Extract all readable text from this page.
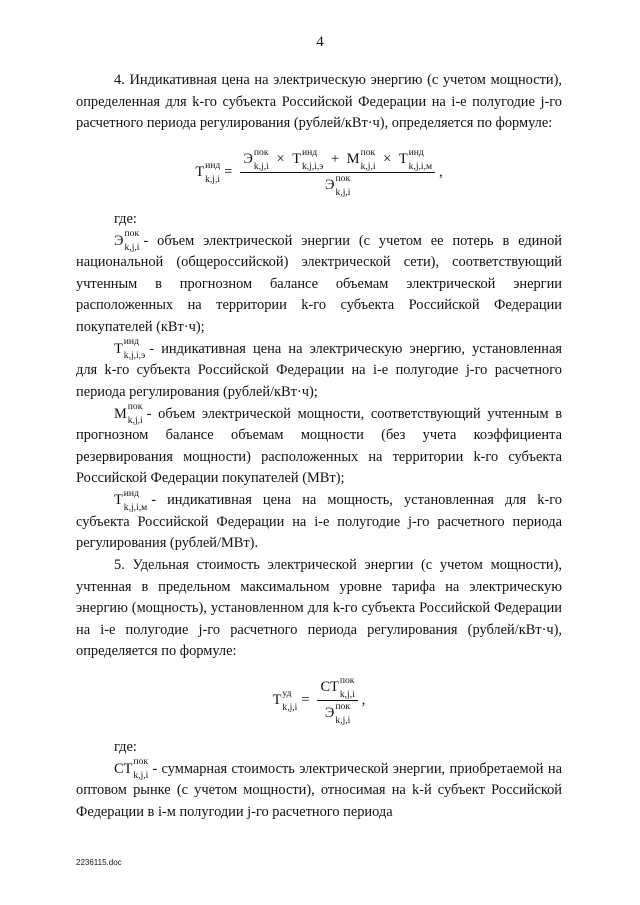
4

4. Индикативная цена на электрическую энергию (с учетом мощности), определенная для k-го субъекта Российской Федерации на i-е полугодие j-го расчетного периода регулирования (рублей/кВт·ч), определяется по формуле:

Т инд
k,j,i =
Э пок
k,j,i × Т инд
k,j,i,э + М пок
k,j,i × Т инд
k,j,i,м
Э пок
k,j,i
,

где:

Э пок
k,j,i - объем электрической энергии (с учетом ее потерь в единой национальной (общероссийской) электрической сети), соответствующий учтенным в прогнозном балансе объемам электрической энергии расположенных на территории k-го субъекта Российской Федерации покупателей (кВт·ч);

Т инд
k,j,i,э - индикативная цена на электрическую энергию, установленная для k-го субъекта Российской Федерации на i-е полугодие j-го расчетного периода регулирования (рублей/кВт·ч);

М пок
k,j,i - объем электрической мощности, соответствующий учтенным в прогнозном балансе объемам мощности (без учета коэффициента резервирования мощности) расположенных на территории k-го субъекта Российской Федерации покупателей (МВт);

Т инд
k,j,i,м - индикативная цена на мощность, установленная для k-го субъекта Российской Федерации на i-е полугодие j-го расчетного периода регулирования (рублей/МВт).

5. Удельная стоимость электрической энергии (с учетом мощности), учтенная в предельном максимальном уровне тарифа на электрическую энергию (мощность), установленном для k-го субъекта Российской Федерации на i-е полугодие j-го расчетного периода регулирования (рублей/кВт·ч), определяется по формуле:

Т уд
k,j,i = СТ пок
k,j,i
Э пок
k,j,i ,

где:

СТ пок
k,j,i - суммарная стоимость электрической энергии, приобретаемой на оптовом рынке (с учетом мощности), относимая на k-й субъект Российской Федерации в i-м полугодии j-го расчетного периода

2236115.doc
